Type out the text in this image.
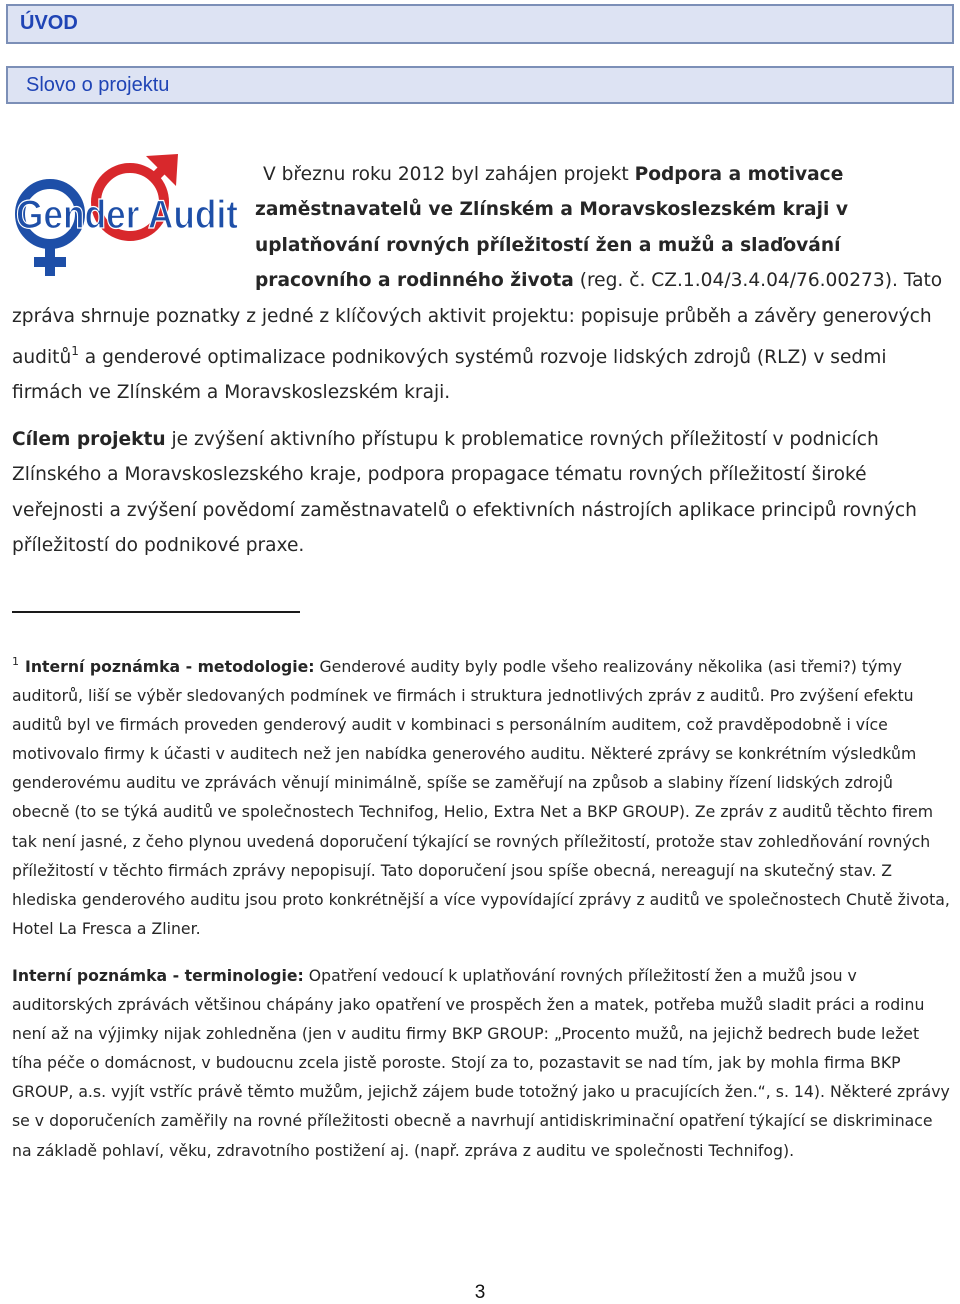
ÚVOD
Slovo o projektu
Gender Audit

V březnu roku 2012 byl zahájen projekt Podpora a motivace zaměstnavatelů ve Zlínském a Moravskoslezském kraji v uplatňování rovných příležitostí žen a mužů a slaďování pracovního a rodinného života (reg. č. CZ.1.04/3.4.04/76.00273). Tato zpráva shrnuje poznatky z jedné z klíčových aktivit projektu: popisuje průběh a závěry generových auditů$^1$ a genderové optimalizace podnikových systémů rozvoje lidských zdrojů (RLZ) v sedmi firmách ve Zlínském a Moravskoslezském kraji.

Cílem projektu je zvýšení aktivního přístupu k problematice rovných příležitostí v podnicích Zlínského a Moravskoslezského kraje, podpora propagace tématu rovných příležitostí široké veřejnosti a zvýšení povědomí zaměstnavatelů o efektivních nástrojích aplikace principů rovných příležitostí do podnikové praxe.

$^1$ Interní poznámka - metodologie: Genderové audity byly podle všeho realizovány několika (asi třemi?) týmy auditorů, liší se výběr sledovaných podmínek ve firmách i struktura jednotlivých zpráv z auditů. Pro zvýšení efektu auditů byl ve firmách proveden genderový audit v kombinaci s personálním auditem, což pravděpodobně i více motivovalo firmy k účasti v auditech než jen nabídka generového auditu. Některé zprávy se konkrétním výsledkům genderovému auditu ve zprávách věnují minimálně, spíše se zaměřují na způsob a slabiny řízení lidských zdrojů obecně (to se týká auditů ve společnostech Technifog, Helio, Extra Net a BKP GROUP). Ze zpráv z auditů těchto firem tak není jasné, z čeho plynou uvedená doporučení týkající se rovných příležitostí, protože stav zohledňování rovných příležitostí v těchto firmách zprávy nepopisují. Tato doporučení jsou spíše obecná, nereagují na skutečný stav. Z hlediska genderového auditu jsou proto konkrétnější a více vypovídající zprávy z auditů ve společnostech Chutě života, Hotel La Fresca a Zliner.

Interní poznámka - terminologie: Opatření vedoucí k uplatňování rovných příležitostí žen a mužů jsou v auditorských zprávách většinou chápány jako opatření ve prospěch žen a matek, potřeba mužů sladit práci a rodinu není až na výjimky nijak zohledněna (jen v auditu firmy BKP GROUP: „Procento mužů, na jejichž bedrech bude ležet tíha péče o domácnost, v budoucnu zcela jistě poroste. Stojí za to, pozastavit se nad tím, jak by mohla firma BKP GROUP, a.s. vyjít vstříc právě těmto mužům, jejichž zájem bude totožný jako u pracujících žen.“, s. 14). Některé zprávy se v doporučeních zaměřily na rovné příležitosti obecně a navrhují antidiskriminační opatření týkající se diskriminace na základě pohlaví, věku, zdravotního postižení aj. (např. zpráva z auditu ve společnosti Technifog).

3
